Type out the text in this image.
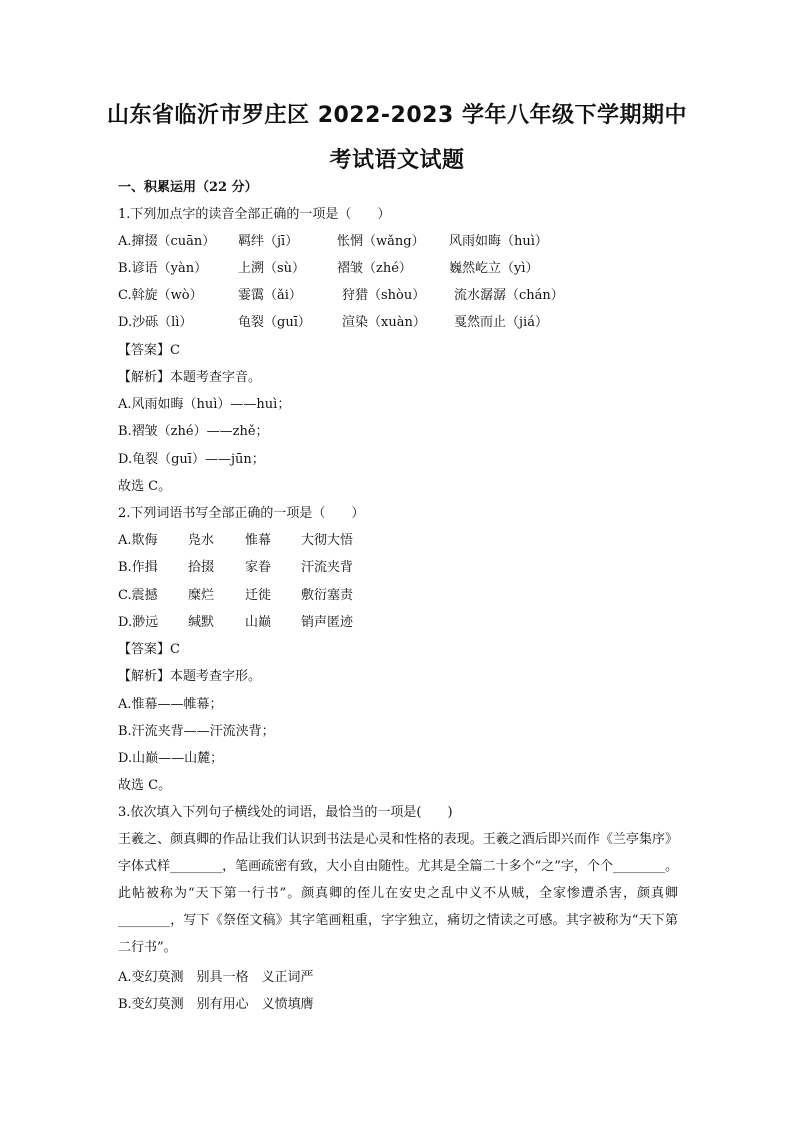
山东省临沂市罗庄区 2022-2023 学年八年级下学期期中
考试语文试题
一、积累运用（22 分）
1.下列加点字的读音全部正确的一项是（　　）
A.撺掇（cuān） 羁绊（jī）	怅惘（wǎng） 风雨如晦（huì）
B.谚语（yàn） 上溯（sù） 褶皱（zhé）	巍然屹立（yì）
C.斡旋（wò）	霎霭（ǎi）	狩猎（shòu） 流水潺潺（chán）
D.沙砾（lì）	龟裂（guī） 渲染（xuàn） 戛然而止（jiá）
【答案】C
【解析】本题考查字音。
A.风雨如晦（huì）——huì；
B.褶皱（zhé）——zhě；
D.龟裂（guī）——jūn；
故选 C。
2.下列词语书写全部正确的一项是（　　）
A.欺侮 凫水 惟幕 大彻大悟
B.作揖 拾掇 家眷 汗流夹背
C.震撼 糜烂 迁徙 敷衍塞责
D.渺远 缄默 山巅 销声匿迹
【答案】C
【解析】本题考查字形。
A.惟幕——帷幕；
B.汗流夹背——汗流浃背；
D.山巅——山麓；
故选 C。
3.依次填入下列句子横线处的词语，最恰当的一项是(　　)
王羲之、颜真卿的作品让我们认识到书法是心灵和性格的表现。王羲之酒后即兴而作《兰亭集序》字体式样________，笔画疏密有致，大小自由随性。尤其是全篇二十多个“之”字，个个________。此帖被称为“天下第一行书”。颜真卿的侄儿在安史之乱中义不从贼，全家惨遭杀害，颜真卿________，写下《祭侄文稿》其字笔画粗重，字字独立，痛切之情读之可感。其字被称为“天下第二行书”。
A.变幻莫测　别具一格　义正词严
B.变幻莫测　别有用心　义愤填膺
